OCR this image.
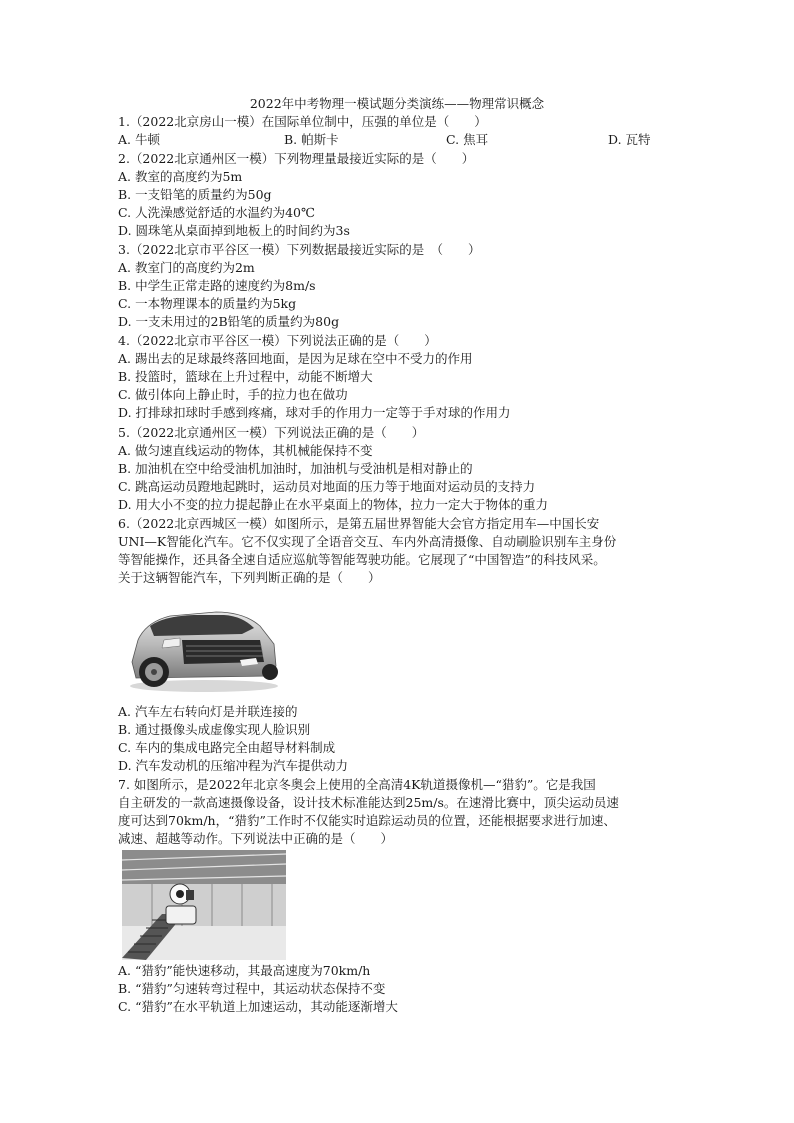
2022年中考物理一模试题分类演练——物理常识概念
1.（2022北京房山一模）在国际单位制中，压强的单位是（　　）
A. 牛顿	B. 帕斯卡	C. 焦耳	D. 瓦特
2.（2022北京通州区一模）下列物理量最接近实际的是（　　）
A. 教室的高度约为5m
B. 一支铅笔的质量约为50g
C. 人洗澡感觉舒适的水温约为40℃
D. 圆珠笔从桌面掉到地板上的时间约为3s
3.（2022北京市平谷区一模）下列数据最接近实际的是　（　　）
A. 教室门的高度约为2m
B. 中学生正常走路的速度约为8m/s
C. 一本物理课本的质量约为5kg
D. 一支未用过的2B铅笔的质量约为80g
4.（2022北京市平谷区一模）下列说法正确的是（　　）
A. 踢出去的足球最终落回地面，是因为足球在空中不受力的作用
B. 投篮时，篮球在上升过程中，动能不断增大
C. 做引体向上静止时，手的拉力也在做功
D. 打排球扣球时手感到疼痛，球对手的作用力一定等于手对球的作用力
5.（2022北京通州区一模）下列说法正确的是（　　）
A. 做匀速直线运动的物体，其机械能保持不变
B. 加油机在空中给受油机加油时，加油机与受油机是相对静止的
C. 跳高运动员蹬地起跳时，运动员对地面的压力等于地面对运动员的支持力
D. 用大小不变的拉力提起静止在水平桌面上的物体，拉力一定大于物体的重力
6.（2022北京西城区一模）如图所示，是第五届世界智能大会官方指定用车—中国长安
UNI—K智能化汽车。它不仅实现了全语音交互、车内外高清摄像、自动刷脸识别车主身份
等智能操作，还具备全速自适应巡航等智能驾驶功能。它展现了“中国智造”的科技风采。
关于这辆智能汽车，下列判断正确的是（　　）
A. 汽车左右转向灯是并联连接的
B. 通过摄像头成虚像实现人脸识别
C. 车内的集成电路完全由超导材料制成
D. 汽车发动机的压缩冲程为汽车提供动力
7. 如图所示，是2022年北京冬奥会上使用的全高清4K轨道摄像机—“猎豹”。它是我国
自主研发的一款高速摄像设备，设计技术标准能达到25m/s。在速滑比赛中，顶尖运动员速
度可达到70km/h，“猎豹”工作时不仅能实时追踪运动员的位置，还能根据要求进行加速、
减速、超越等动作。下列说法中正确的是（　　）
A. “猎豹”能快速移动，其最高速度为70km/h
B. “猎豹”匀速转弯过程中，其运动状态保持不变
C. “猎豹”在水平轨道上加速运动，其动能逐渐增大
